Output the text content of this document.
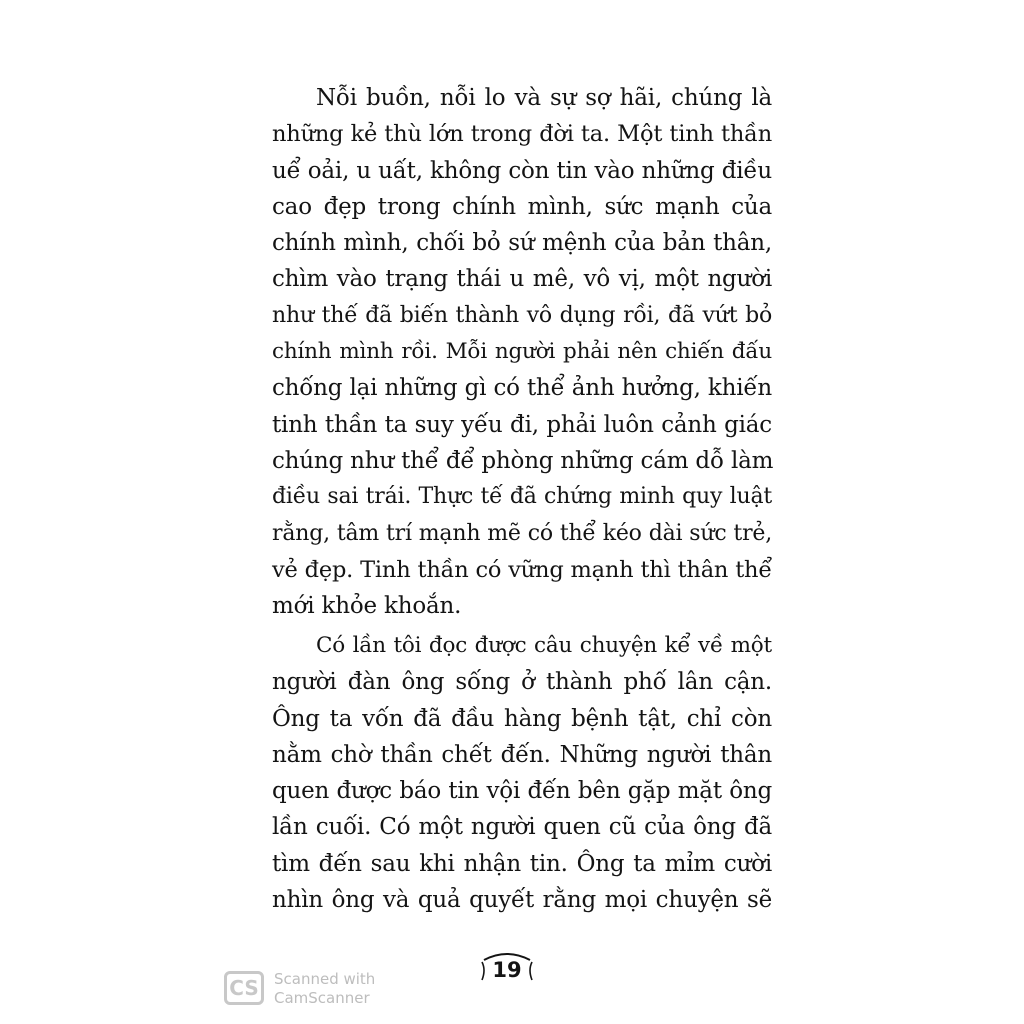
Nỗi buồn, nỗi lo và sự sợ hãi, chúng là
những kẻ thù lớn trong đời ta. Một tinh thần
uể oải, u uất, không còn tin vào những điều
cao đẹp trong chính mình, sức mạnh của
chính mình, chối bỏ sứ mệnh của bản thân,
chìm vào trạng thái u mê, vô vị, một người
như thế đã biến thành vô dụng rồi, đã vứt bỏ
chính mình rồi. Mỗi người phải nên chiến đấu
chống lại những gì có thể ảnh hưởng, khiến
tinh thần ta suy yếu đi, phải luôn cảnh giác
chúng như thể để phòng những cám dỗ làm
điều sai trái. Thực tế đã chứng minh quy luật
rằng, tâm trí mạnh mẽ có thể kéo dài sức trẻ,
vẻ đẹp. Tinh thần có vững mạnh thì thân thể
mới khỏe khoắn.
Có lần tôi đọc được câu chuyện kể về một
người đàn ông sống ở thành phố lân cận.
Ông ta vốn đã đầu hàng bệnh tật, chỉ còn
nằm chờ thần chết đến. Những người thân
quen được báo tin vội đến bên gặp mặt ông
lần cuối. Có một người quen cũ của ông đã
tìm đến sau khi nhận tin. Ông ta mỉm cười
nhìn ông và quả quyết rằng mọi chuyện sẽ
19
CS	Scanned with
CamScanner
